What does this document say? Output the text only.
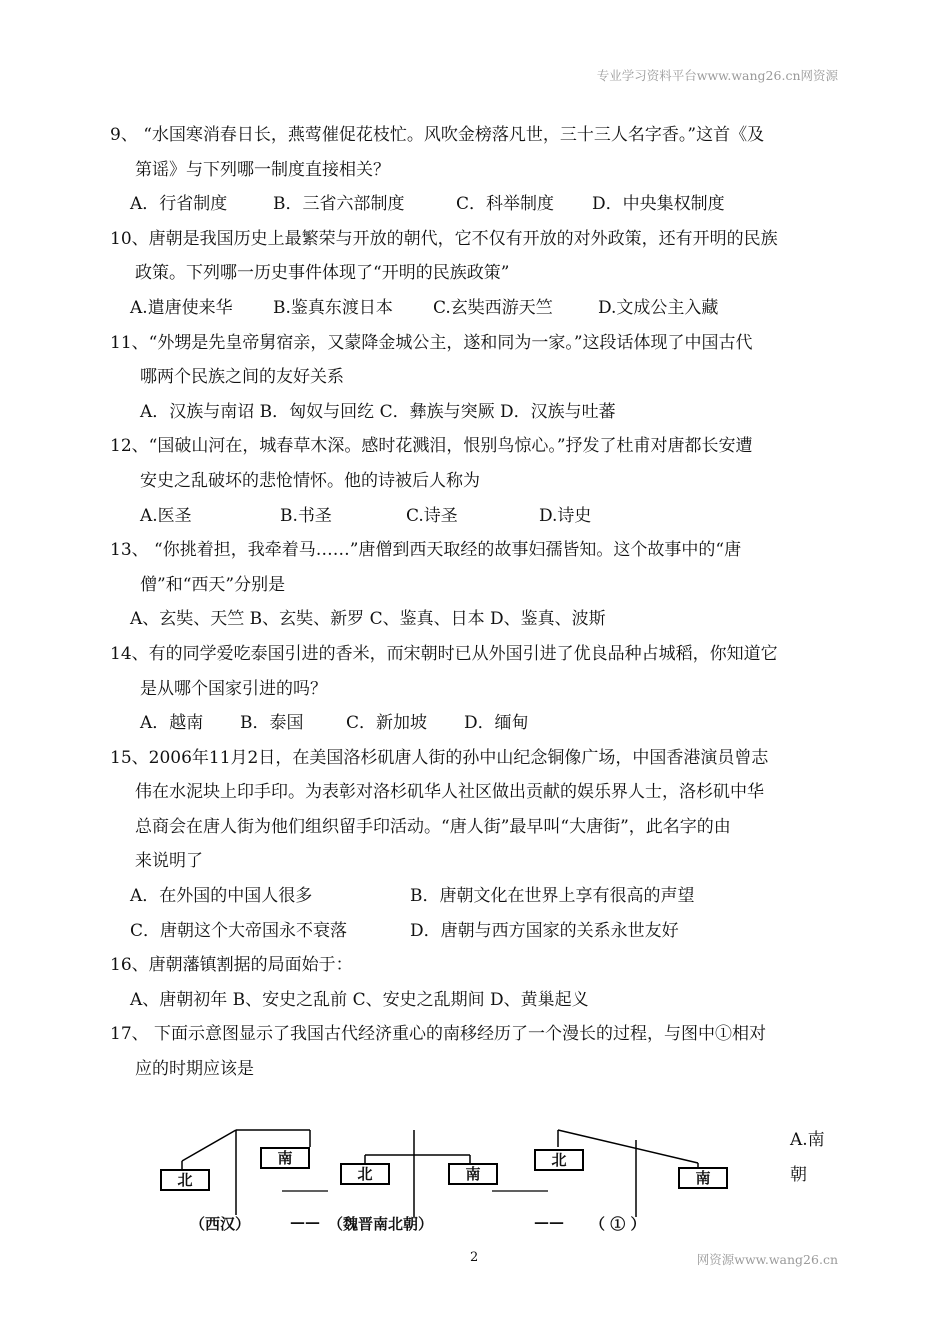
专业学习资料平台www.wang26.cn网资源
9、 “水国寒消春日长，燕莺催促花枝忙。风吹金榜落凡世，三十三人名字香。”这首《及
第谣》与下列哪一制度直接相关？
A．行省制度	B．三省六部制度	C．科举制度	D．中央集权制度
10、唐朝是我国历史上最繁荣与开放的朝代，它不仅有开放的对外政策，还有开明的民族
政策。下列哪一历史事件体现了“开明的民族政策”
A.遣唐使来华	B.鉴真东渡日本	C.玄奘西游天竺	D.文成公主入藏
11、“外甥是先皇帝舅宿亲，又蒙降金城公主，遂和同为一家。”这段话体现了中国古代
哪两个民族之间的友好关系
A．汉族与南诏 B．匈奴与回纥 C．彝族与突厥 D．汉族与吐蕃
12、“国破山河在，城春草木深。感时花溅泪，恨别鸟惊心。”抒发了杜甫对唐都长安遭
安史之乱破坏的悲怆情怀。他的诗被后人称为
A.医圣	B.书圣	C.诗圣	D.诗史
13、 “你挑着担，我牵着马……”唐僧到西天取经的故事妇孺皆知。这个故事中的“唐
僧”和“西天”分别是
A、玄奘、天竺 B、玄奘、新罗 C、鉴真、日本 D、鉴真、波斯
14、有的同学爱吃泰国引进的香米，而宋朝时已从外国引进了优良品种占城稻，你知道它
是从哪个国家引进的吗？
A．越南	B．泰国	C．新加坡	D．缅甸
15、2006年11月2日，在美国洛杉矶唐人街的孙中山纪念铜像广场，中国香港演员曾志
伟在水泥块上印手印。为表彰对洛杉矶华人社区做出贡献的娱乐界人士，洛杉矶中华
总商会在唐人街为他们组织留手印活动。“唐人街”最早叫“大唐街”，此名字的由
来说明了
A．在外国的中国人很多	B．唐朝文化在世界上享有很高的声望
C．唐朝这个大帝国永不衰落	D．唐朝与西方国家的关系永世友好
16、唐朝藩镇割据的局面始于：
A、唐朝初年 B、安史之乱前 C、安史之乱期间 D、黄巢起义
17、 下面示意图显示了我国古代经济重心的南移经历了一个漫长的过程，与图中①相对
应的时期应该是
A.南
朝
北
南
北	南
北
南
（西汉）	—— （魏晋南北朝）	—— （ ① ）
2	网资源www.wang26.cn
